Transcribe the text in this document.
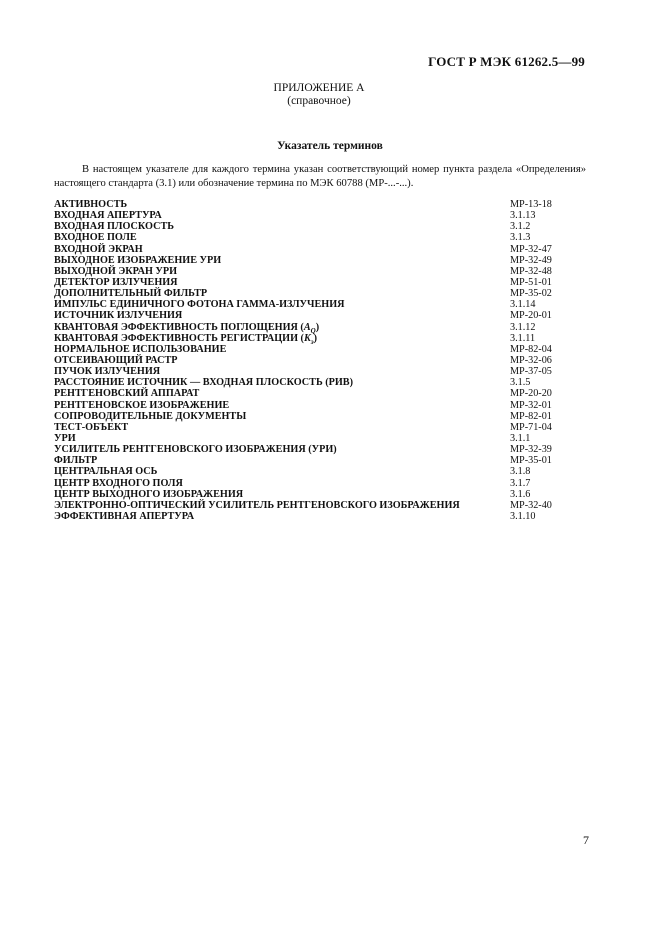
ГОСТ Р МЭК 61262.5—99
ПРИЛОЖЕНИЕ А
(справочное)
Указатель терминов

В настоящем указателе для каждого термина указан соответствующий номер пункта раздела «Определения» настоящего стандарта (3.1) или обозначение термина по МЭК 60788 (МР-...-...).

АКТИВНОСТЬ	МР-13-18
ВХОДНАЯ АПЕРТУРА	3.1.13
ВХОДНАЯ ПЛОСКОСТЬ	3.1.2
ВХОДНОЕ ПОЛЕ	3.1.3
ВХОДНОЙ ЭКРАН	МР-32-47
ВЫХОДНОЕ ИЗОБРАЖЕНИЕ УРИ	МР-32-49
ВЫХОДНОЙ ЭКРАН УРИ	МР-32-48
ДЕТЕКТОР ИЗЛУЧЕНИЯ	МР-51-01
ДОПОЛНИТЕЛЬНЫЙ ФИЛЬТР	МР-35-02
ИМПУЛЬС ЕДИНИЧНОГО ФОТОНА ГАММА-ИЗЛУЧЕНИЯ	3.1.14
ИСТОЧНИК ИЗЛУЧЕНИЯ	МР-20-01
КВАНТОВАЯ ЭФФЕКТИВНОСТЬ ПОГЛОЩЕНИЯ $(A_Q)$	3.1.12
КВАНТОВАЯ ЭФФЕКТИВНОСТЬ РЕГИСТРАЦИИ $(K_э)$	3.1.11
НОРМАЛЬНОЕ ИСПОЛЬЗОВАНИЕ	МР-82-04
ОТСЕИВАЮЩИЙ РАСТР	МР-32-06
ПУЧОК ИЗЛУЧЕНИЯ	МР-37-05
РАССТОЯНИЕ ИСТОЧНИК — ВХОДНАЯ ПЛОСКОСТЬ (РИВ)	3.1.5
РЕНТГЕНОВСКИЙ АППАРАТ	МР-20-20
РЕНТГЕНОВСКОЕ ИЗОБРАЖЕНИЕ	МР-32-01
СОПРОВОДИТЕЛЬНЫЕ ДОКУМЕНТЫ	МР-82-01
ТЕСТ-ОБЪЕКТ	МР-71-04
УРИ	3.1.1
УСИЛИТЕЛЬ РЕНТГЕНОВСКОГО ИЗОБРАЖЕНИЯ (УРИ)	МР-32-39
ФИЛЬТР	МР-35-01
ЦЕНТРАЛЬНАЯ ОСЬ	3.1.8
ЦЕНТР ВХОДНОГО ПОЛЯ	3.1.7
ЦЕНТР ВЫХОДНОГО ИЗОБРАЖЕНИЯ	3.1.6
ЭЛЕКТРОННО-ОПТИЧЕСКИЙ УСИЛИТЕЛЬ РЕНТГЕНОВСКОГО ИЗОБРАЖЕНИЯ	МР-32-40
ЭФФЕКТИВНАЯ АПЕРТУРА	3.1.10
7
